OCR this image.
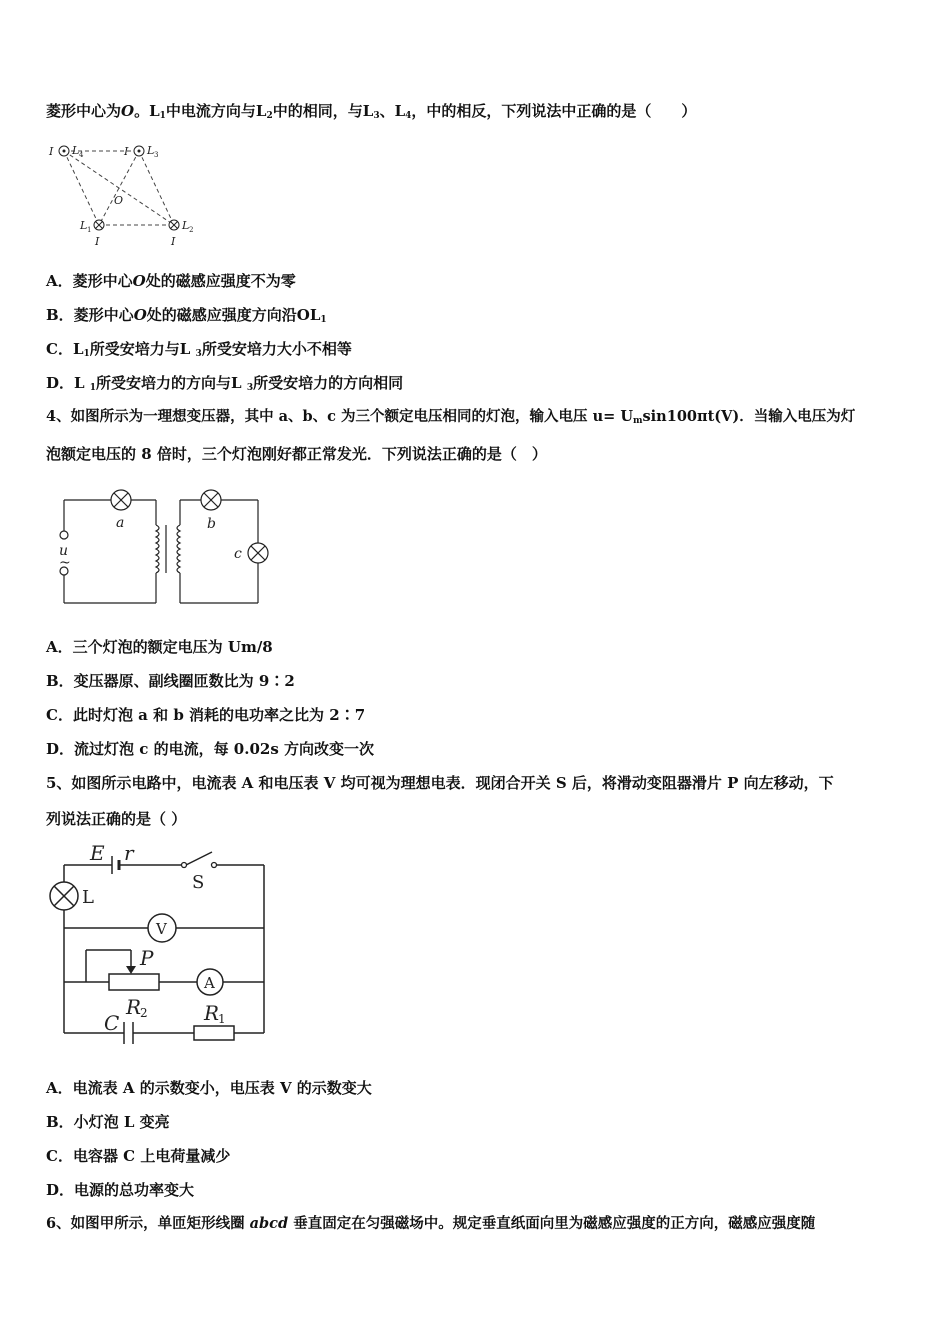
菱形中心为O。$L_1$中电流方向与$L_2$中的相同，与$L_3$、$L_4$，中的相反，下列说法中正确的是（　　）
I	I
I	I
L 4	L 3
L 1	L 2
O
A．菱形中心O处的磁感应强度不为零
B．菱形中心O处的磁感应强度方向沿$OL_1$
C．$L_1$所受安培力与L $_3$所受安培力大小不相等
D．L $_1$所受安培力的方向与L $_3$所受安培力的方向相同
4、如图所示为一理想变压器，其中 a、b、c 为三个额定电压相同的灯泡，输入电压 $u= U_m\sin 100\pi t(V)$．当输入电压为灯
泡额定电压的 8 倍时，三个灯泡刚好都正常发光．下列说法正确的是（　）
a	b
c
u
~
A．三个灯泡的额定电压为 Um/8
B．变压器原、副线圈匝数比为 9∶2
C．此时灯泡 a 和 b 消耗的电功率之比为 2∶7
D．流过灯泡 c 的电流，每 0.02s 方向改变一次
5、如图所示电路中，电流表 A 和电压表 V 均可视为理想电表．现闭合开关 S 后，将滑动变阻器滑片 P 向左移动，下
列说法正确的是（ ）
E r
P
R	R
C 2	1
S
L
V
A
A．电流表 A 的示数变小，电压表 V 的示数变大
B．小灯泡 L 变亮
C．电容器 C 上电荷量减少
D．电源的总功率变大
6、如图甲所示，单匝矩形线圈 abcd 垂直固定在匀强磁场中。规定垂直纸面向里为磁感应强度的正方向，磁感应强度随
